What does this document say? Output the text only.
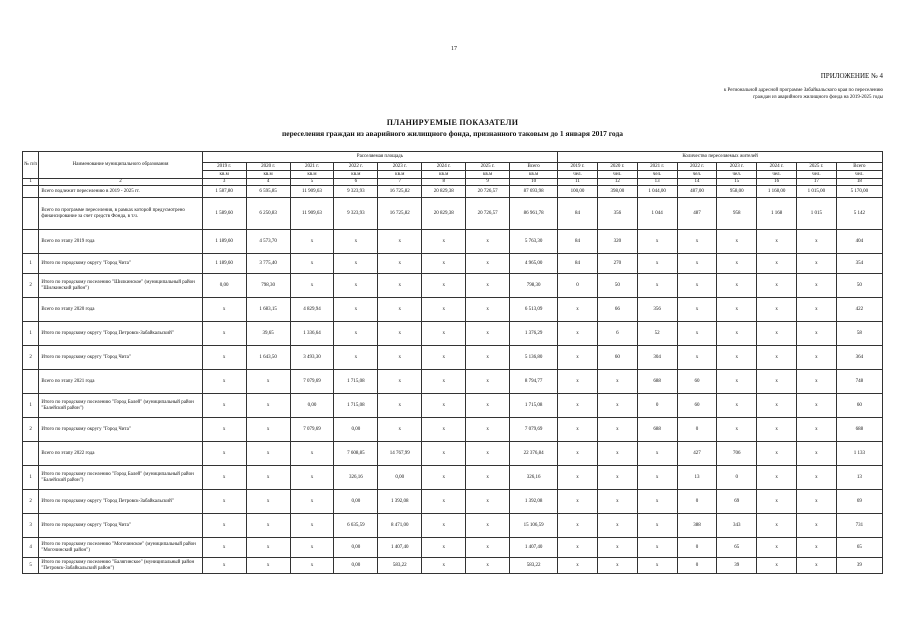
17
ПРИЛОЖЕНИЕ № 4
к Региональной адресной программе Забайкальского края по переселению
граждан из аварийного жилищного фонда на 2019-2025 годы
ПЛАНИРУЕМЫЕ ПОКАЗАТЕЛИ
переселения граждан из аварийного жилищного фонда, признанного таковым до 1 января 2017 года
№ п/п	Наименование муниципального образования	Расселяемая площадь								Количество переселяемых жителей							
		2019 г.	2020 г.	2021 г.	2022 г.	2023 г.	2024 г.	2025 г.	Всего	2019 г.	2020 г.	2021 г.	2022 г.	2023 г.	2024 г.	2025 г.	Всего
		кв.м	кв.м	кв.м	кв.м	кв.м	кв.м	кв.м	кв.м	чел.	чел.	чел.	чел.	чел.	чел.	чел.	чел.
1	2	3	4	5	6	7	8	9	10	11	12	13	14	15	16	17	18
	Всего подлежит переселению в 2019 - 2025 гг.	1 587,80	6 595,85	11 909,63	9 323,93	16 725,82	20 829,38	20 726,57	87 693,98	100,00	398,00	1 044,00	487,00	958,00	1 168,00	1 015,00	5 170,00
	Всего по программе переселения, в рамках которой предусмотрено финансирование за счет средств Фонда, в т.ч.	1 589,60	6 250,83	11 909,63	9 323,93	16 725,82	20 829,38	20 726,57	86 961,78	84	356	1 044	487	958	1 168	1 015	5 142
	Всего по этапу 2019 года	1 189,60	4 573,70	x	x	x	x	x	5 763,30	84	320	x	x	x	x	x	404
1	Итого по городскому округу "Город Чита"	1 189,60	3 775,40	x	x	x	x	x	4 965,00	84	270	x	x	x	x	x	354
2	Итого по городскому поселению "Шилкинское" (муниципальный район "Шилкинский район")	0,00	798,30	x	x	x	x	x	798,30	0	50	x	x	x	x	x	50
	Всего по этапу 2020 года	x	1 683,15	4 829,94	x	x	x	x	6 513,09	x	66	356	x	x	x	x	422
1	Итого по городскому округу "Город Петровск-Забайкальский"	x	39,65	1 336,64	x	x	x	x	1 376,29	x	6	52	x	x	x	x	58
2	Итого по городскому округу "Город Чита"	x	1 643,50	3 493,30	x	x	x	x	5 136,80	x	60	304	x	x	x	x	364
	Всего по этапу 2021 года	x	x	7 079,69	1 715,08	x	x	x	8 794,77	x	x	688	60	x	x	x	748
1	Итого по городскому поселению "Город Балей" (муниципальный район "Балейский район")	x	x	0,00	1 715,08	x	x	x	1 715,08	x	x	0	60	x	x	x	60
2	Итого по городскому округу "Город Чита"	x	x	7 079,69	0,00	x	x	x	7 079,69	x	x	688	0	x	x	x	688
	Всего по этапу 2022 года	x	x	x	7 608,85	14 767,99	x	x	22 376,84	x	x	x	427	706	x	x	1 133
1	Итого по городскому поселению "Город Балей" (муниципальный район "Балейский район")	x	x	x	326,16	0,00	x	x	326,16	x	x	x	13	0	x	x	13
2	Итого по городскому округу "Город Петровск-Забайкальский"	x	x	x	0,00	1 392,08	x	x	1 392,08	x	x	x	0	69	x	x	69
3	Итого по городскому округу "Город Чита"	x	x	x	6 635,59	8 471,00	x	x	15 106,59	x	x	x	388	343	x	x	731
4	Итого по городскому поселению "Могочинское" (муниципальный район "Могочинский район")	x	x	x	0,00	1 407,40	x	x	1 407,40	x	x	x	0	65	x	x	65
5	Итого по городскому поселению "Балягинское" (муниципальный район "Петровск-Забайкальский район")	x	x	x	0,00	583,22	x	x	583,22	x	x	x	0	39	x	x	39
